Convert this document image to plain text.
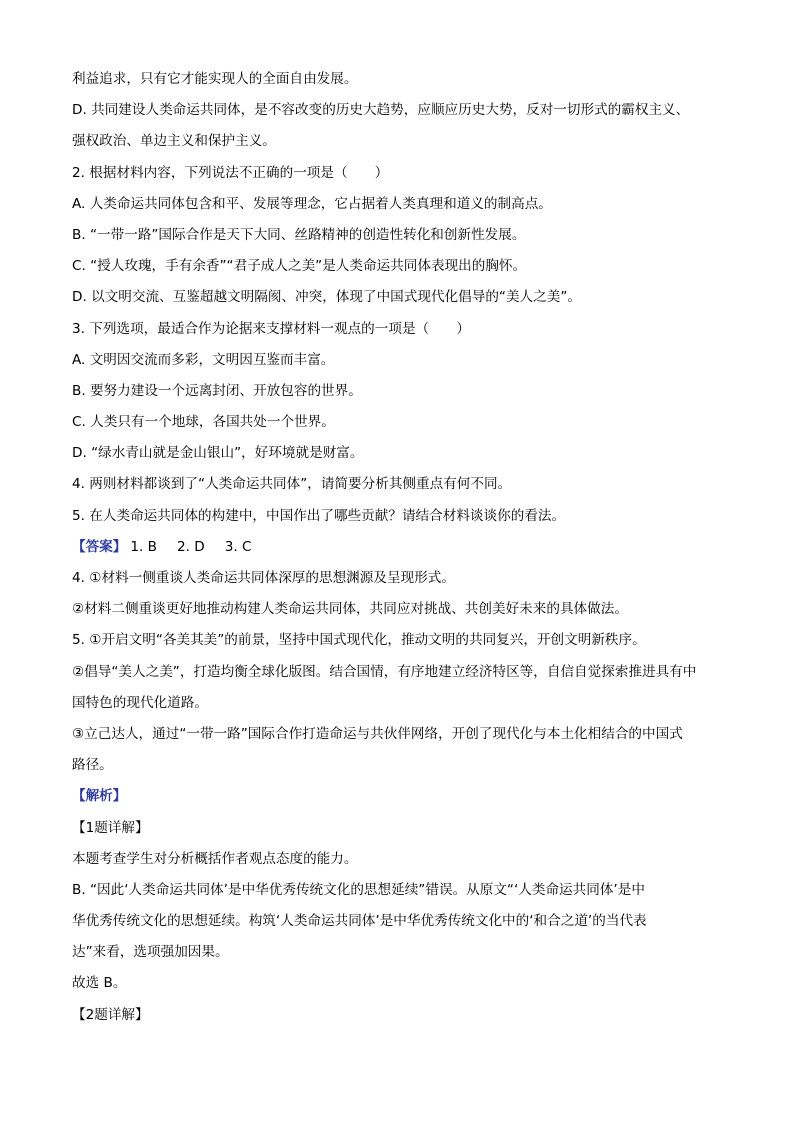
利益追求，只有它才能实现人的全面自由发展。
D. 共同建设人类命运共同体，是不容改变的历史大趋势，应顺应历史大势，反对一切形式的霸权主义、
强权政治、单边主义和保护主义。
2. 根据材料内容，下列说法不正确的一项是（　　）
A. 人类命运共同体包含和平、发展等理念，它占据着人类真理和道义的制高点。
B. “一带一路”国际合作是天下大同、丝路精神的创造性转化和创新性发展。
C. “授人玫瑰，手有余香”“君子成人之美”是人类命运共同体表现出的胸怀。
D. 以文明交流、互鉴超越文明隔阂、冲突，体现了中国式现代化倡导的“美人之美”。
3. 下列选项，最适合作为论据来支撑材料一观点的一项是（　　）
A. 文明因交流而多彩，文明因互鉴而丰富。
B. 要努力建设一个远离封闭、开放包容的世界。
C. 人类只有一个地球，各国共处一个世界。
D. “绿水青山就是金山银山”，好环境就是财富。
4. 两则材料都谈到了“人类命运共同体”，请简要分析其侧重点有何不同。
5. 在人类命运共同体的构建中，中国作出了哪些贡献？请结合材料谈谈你的看法。
【答案】 1. B 2. D 3. C
4. ①材料一侧重谈人类命运共同体深厚的思想渊源及呈现形式。
②材料二侧重谈更好地推动构建人类命运共同体，共同应对挑战、共创美好未来的具体做法。
5. ①开启文明“各美其美”的前景，坚持中国式现代化，推动文明的共同复兴，开创文明新秩序。
②倡导“美人之美”，打造均衡全球化版图。结合国情，有序地建立经济特区等，自信自觉探索推进具有中
国特色的现代化道路。
③立己达人，通过“一带一路”国际合作打造命运与共伙伴网络，开创了现代化与本土化相结合的中国式
路径。
【解析】
【1题详解】
本题考查学生对分析概括作者观点态度的能力。
B. “因此‘人类命运共同体’是中华优秀传统文化的思想延续”错误。从原文“‘人类命运共同体’是中
华优秀传统文化的思想延续。构筑‘人类命运共同体’是中华优秀传统文化中的‘和合之道’的当代表
达”来看，选项强加因果。
故选 B。
【2题详解】
